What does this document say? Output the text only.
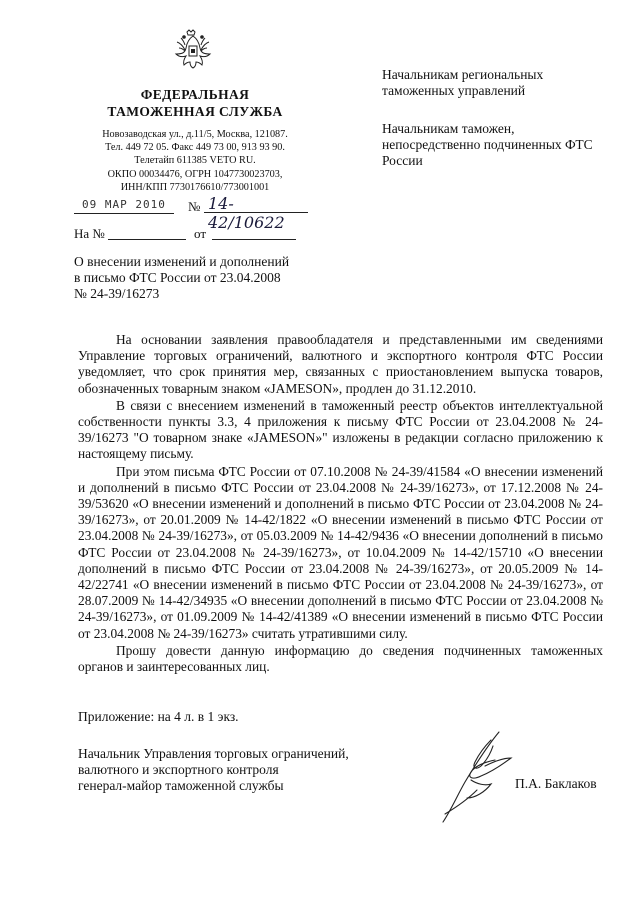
ФЕДЕРАЛЬНАЯ
ТАМОЖЕННАЯ СЛУЖБА
Новозаводская ул., д.11/5, Москва, 121087.
Тел. 449 72 05. Факс 449 73 00, 913 93 90.
Телетайп 611385 VETO RU.
ОКПО 00034476, ОГРН 1047730023703,
ИНН/КПП 7730176610/773001001
Начальникам региональных
таможенных управлений
Начальникам таможен,
непосредственно подчиненных ФТС
России
09 МАР 2010 № 14-42/10622
На №	от
О внесении изменений и дополнений
в письмо ФТС России от 23.04.2008
№ 24-39/16273

На основании заявления правообладателя и представленными им сведениями Управление торговых ограничений, валютного и экспортного контроля ФТС России уведомляет, что срок принятия мер, связанных с приостановлением выпуска товаров, обозначенных товарным знаком «JAMESON», продлен до 31.12.2010.

В связи с внесением изменений в таможенный реестр объектов интеллектуальной собственности пункты 3.3, 4 приложения к письму ФТС России от 23.04.2008 № 24-39/16273 "О товарном знаке «JAMESON»" изложены в редакции согласно приложению к настоящему письму.

При этом письма ФТС России от 07.10.2008 № 24-39/41584 «О внесении изменений и дополнений в письмо ФТС России от 23.04.2008 № 24-39/16273», от 17.12.2008 № 24-39/53620 «О внесении изменений и дополнений в письмо ФТС России от 23.04.2008 № 24-39/16273», от 20.01.2009 № 14-42/1822 «О внесении изменений в письмо ФТС России от 23.04.2008 № 24-39/16273», от 05.03.2009 № 14-42/9436 «О внесении дополнений в письмо ФТС России от 23.04.2008 № 24-39/16273», от 10.04.2009 № 14-42/15710 «О внесении дополнений в письмо ФТС России от 23.04.2008 № 24-39/16273», от 20.05.2009 № 14-42/22741 «О внесении изменений в письмо ФТС России от 23.04.2008 № 24-39/16273», от 28.07.2009 № 14-42/34935 «О внесении дополнений в письмо ФТС России от 23.04.2008 № 24-39/16273», от 01.09.2009 № 14-42/41389 «О внесении изменений в письмо ФТС России от 23.04.2008 № 24-39/16273» считать утратившими силу.

Прошу довести данную информацию до сведения подчиненных таможенных органов и заинтересованных лиц.

Приложение: на 4 л. в 1 экз.
Начальник Управления торговых ограничений,
валютного и экспортного контроля
генерал-майор таможенной службы	П.А. Баклаков
